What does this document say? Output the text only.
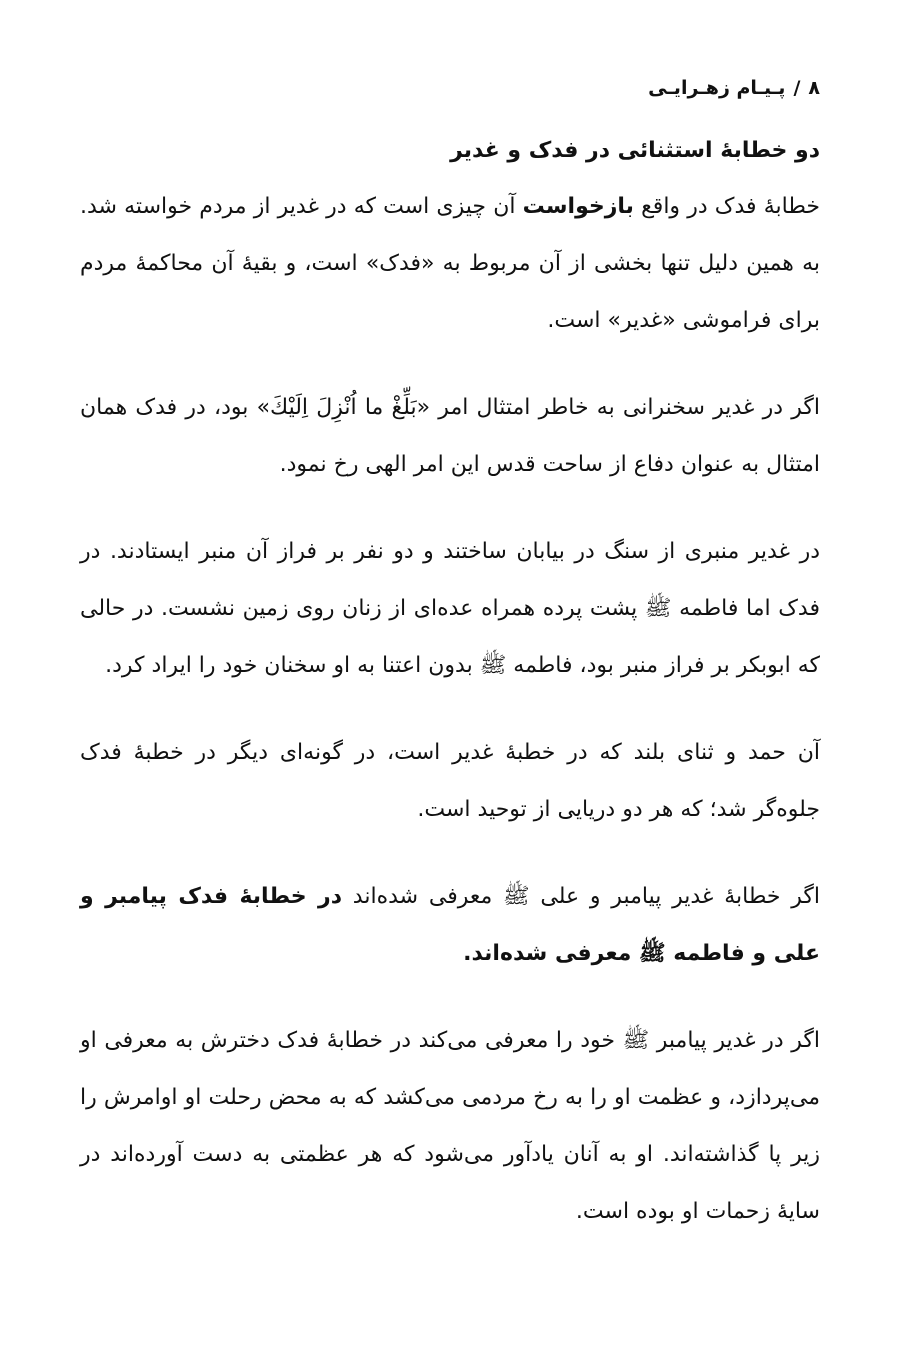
۸/پـیـام زهـرایـی
دو خطابهٔ استثنائی در فدک و غدیر

خطابهٔ فدک در واقع بازخواست آن چیزی است که در غدیر از مردم خواسته شد. به همین دلیل تنها بخشی از آن مربوط به «فدک» است، و بقیهٔ آن محاکمهٔ مردم برای فراموشی «غدیر» است.

اگر در غدیر سخنرانی به خاطر امتثال امر «بَلِّغْ ما اُنْزِلَ اِلَیْكَ» بود، در فدک همان امتثال به عنوان دفاع از ساحت قدس این امر الهی رخ نمود.

در غدیر منبری از سنگ در بیابان ساختند و دو نفر بر فراز آن منبر ایستادند. در فدک اما فاطمه ﷺ پشت پرده همراه عده‌ای از زنان روی زمین نشست. در حالی که ابوبکر بر فراز منبر بود، فاطمه ﷺ بدون اعتنا به او سخنان خود را ایراد کرد.

آن حمد و ثنای بلند که در خطبهٔ غدیر است، در گونه‌ای دیگر در خطبهٔ فدک جلوه‌گر شد؛ که هر دو دریایی از توحید است.

اگر خطابهٔ غدیر پیامبر و علی ﷺ معرفی شده‌اند در خطابهٔ فدک پیامبر و علی و فاطمه ﷺ معرفی شده‌اند.

اگر در غدیر پیامبر ﷺ خود را معرفی می‌کند در خطابهٔ فدک دخترش به معرفی او می‌پردازد، و عظمت او را به رخ مردمی می‌کشد که به محض رحلت او اوامرش را زیر پا گذاشته‌اند. او به آنان یادآور می‌شود که هر عظمتی به دست آورده‌اند در سایهٔ زحمات او بوده است.
